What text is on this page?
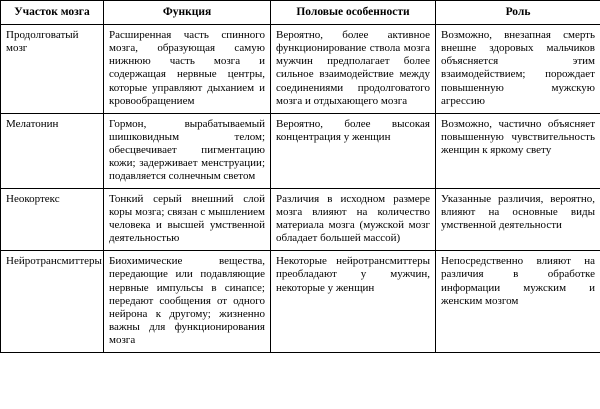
Участок мозга	Функция	Половые особенности	Роль
Продолговатый мозг	Расширенная часть спинного мозга, образующая самую нижнюю часть мозга и содержащая нервные центры, которые управляют дыханием и кровообращением	Вероятно, более активное функционирование ствола мозга мужчин предполагает более сильное взаимодействие между соединениями продолговатого мозга и отдыхающего мозга	Возможно, внезапная смерть внешне здоровых мальчиков объясняется этим взаимодействием; порождает повышенную мужскую агрессию
Мелатонин	Гормон, вырабатываемый шишковидным телом; обесцвечивает пигментацию кожи; задерживает менструации; подавляется солнечным светом	Вероятно, более высокая концентрация у женщин	Возможно, частично объясняет повышенную чувствительность женщин к яркому свету
Неокортекс	Тонкий серый внешний слой коры мозга; связан с мышлением человека и высшей умственной деятельностью	Различия в исходном размере мозга влияют на количество материала мозга (мужской мозг обладает большей массой)	Указанные различия, вероятно, влияют на основные виды умственной деятельности
Нейротрансмиттеры	Биохимические вещества, передающие или подавляющие нервные импульсы в синапсе; передают сообщения от одного нейрона к другому; жизненно важны для функционирования мозга	Некоторые нейротрансмиттеры преобладают у мужчин, некоторые у женщин	Непосредственно влияют на различия в обработке информации мужским и женским мозгом
